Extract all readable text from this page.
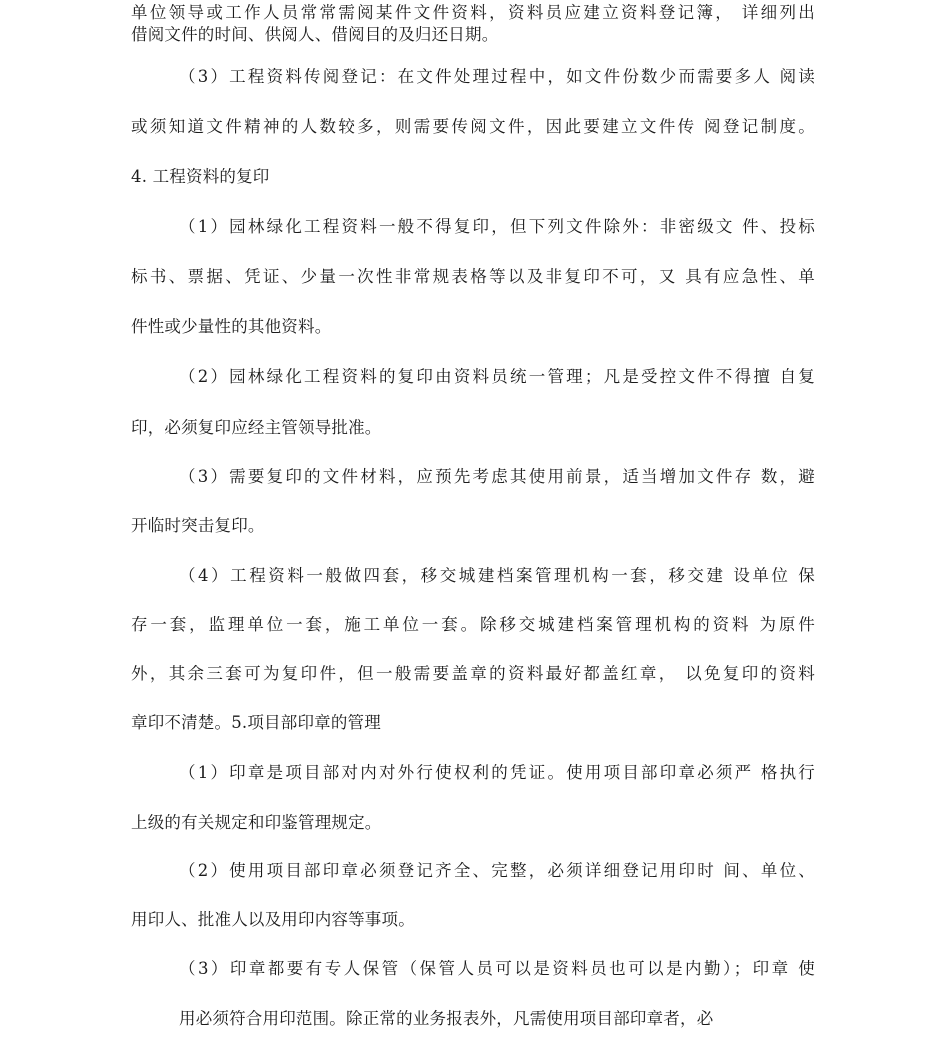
单位领导或工作人员常常需阅某件文件资料，资料员应建立资料登记簿， 详细列出
借阅文件的时间、供阅人、借阅目的及归还日期。
（3）工程资料传阅登记：在文件处理过程中，如文件份数少而需要多人 阅读
或须知道文件精神的人数较多，则需要传阅文件，因此要建立文件传 阅登记制度。
4. 工程资料的复印
（1）园林绿化工程资料一般不得复印，但下列文件除外：非密级文 件、投标
标书、票据、凭证、少量一次性非常规表格等以及非复印不可，又 具有应急性、单
件性或少量性的其他资料。
（2）园林绿化工程资料的复印由资料员统一管理；凡是受控文件不得擅 自复
印，必须复印应经主管领导批准。
（3）需要复印的文件材料，应预先考虑其使用前景，适当增加文件存 数，避
开临时突击复印。
（4）工程资料一般做四套，移交城建档案管理机构一套，移交建 设单位 保
存一套，监理单位一套，施工单位一套。除移交城建档案管理机构的资料 为原件
外，其余三套可为复印件，但一般需要盖章的资料最好都盖红章， 以免复印的资料
章印不清楚。5.项目部印章的管理
（1）印章是项目部对内对外行使权利的凭证。使用项目部印章必须严 格执行
上级的有关规定和印鉴管理规定。
（2）使用项目部印章必须登记齐全、完整，必须详细登记用印时 间、单位、
用印人、批准人以及用印内容等事项。
（3）印章都要有专人保管（保管人员可以是资料员也可以是内勤）；印章 使
用必须符合用印范围。除正常的业务报表外，凡需使用项目部印章者，必
